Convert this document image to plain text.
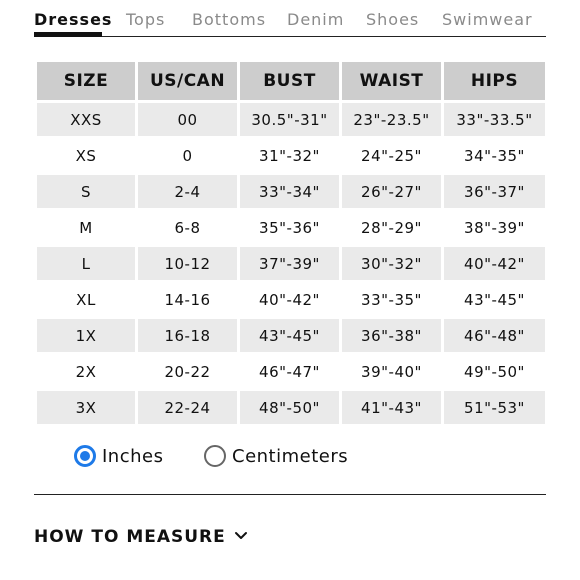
Dresses Tops Bottoms Denim Shoes Swimwear
SIZE	US/CAN	BUST	WAIST	HIPS
XXS	00	30.5"-31"	23"-23.5"	33"-33.5"
XS	0	31"-32"	24"-25"	34"-35"
S	2-4	33"-34"	26"-27"	36"-37"
M	6-8	35"-36"	28"-29"	38"-39"
L	10-12	37"-39"	30"-32"	40"-42"
XL	14-16	40"-42"	33"-35"	43"-45"
1X	16-18	43"-45"	36"-38"	46"-48"
2X	20-22	46"-47"	39"-40"	49"-50"
3X	22-24	48"-50"	41"-43"	51"-53"
Inches	Centimeters
HOW TO MEASURE
